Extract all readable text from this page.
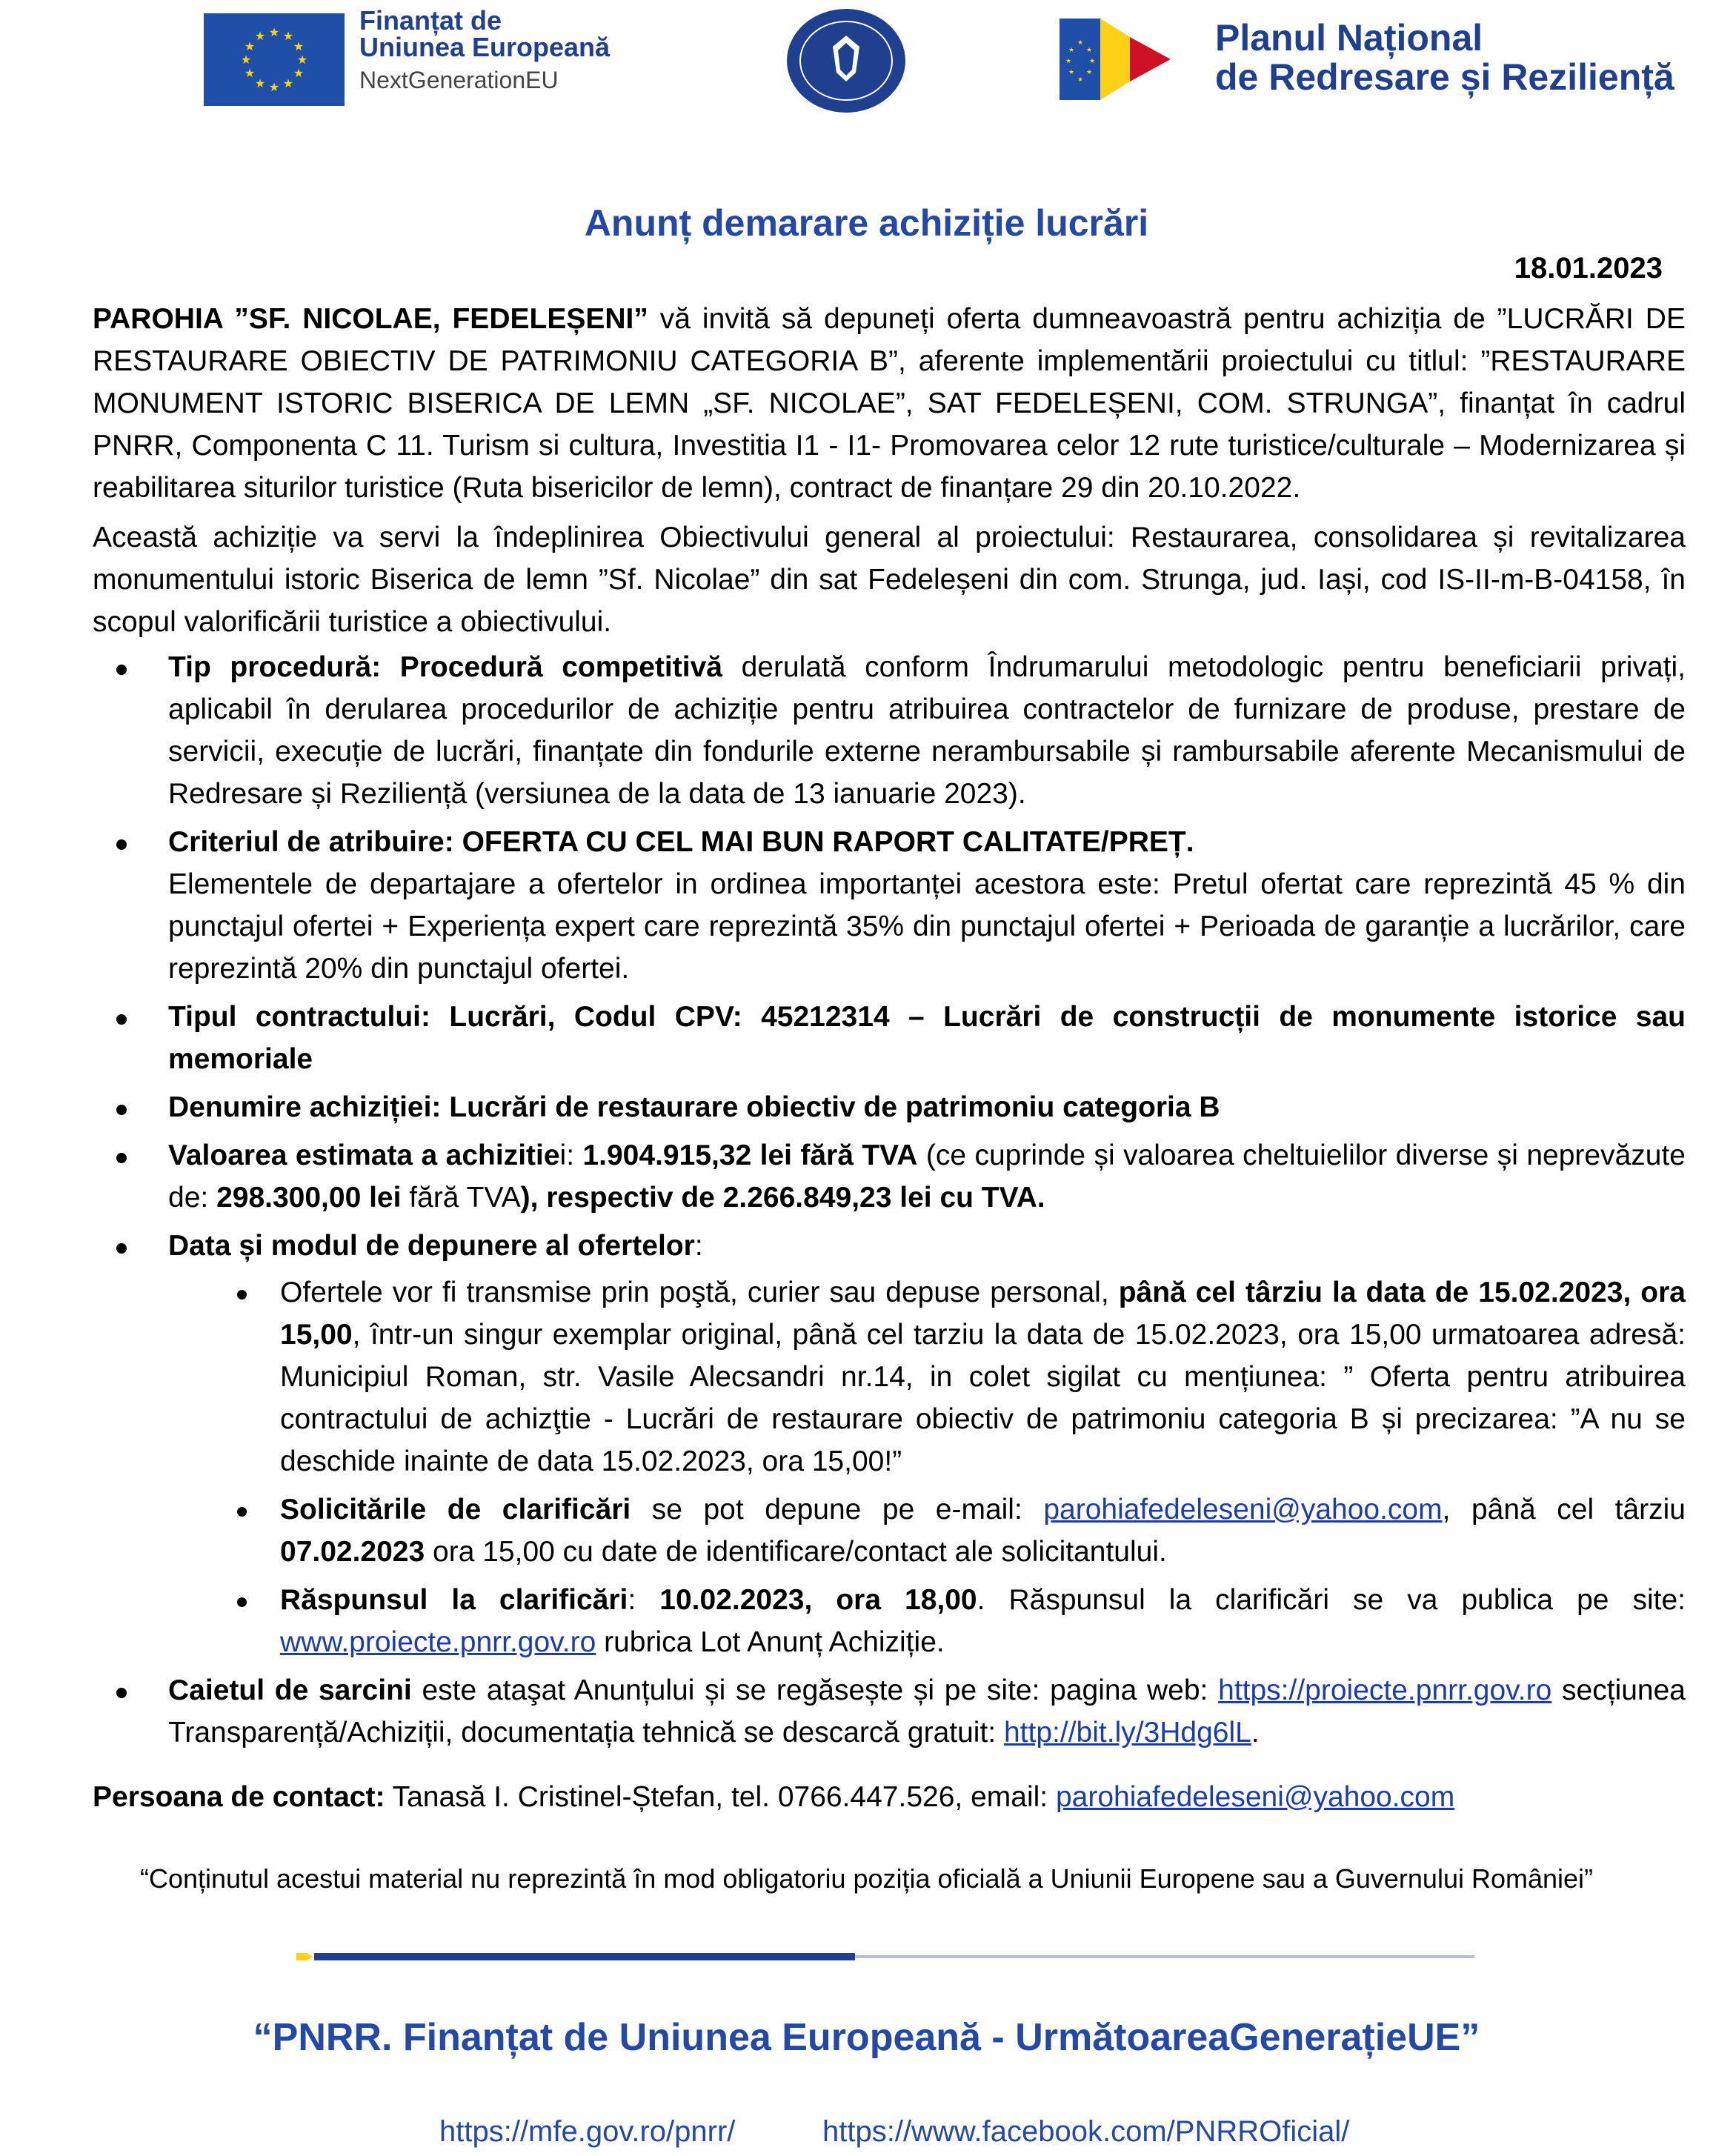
★ ★
★
★
★
★
★
★
★
★
★
★
Finanțat de
Uniunea Europeană
NextGenerationEU
★
★
★
★
★
★
★
★	Planul Național
de Redresare și Reziliență
Anunț demarare achiziție lucrări
18.01.2023

PAROHIA ”SF. NICOLAE, FEDELEȘENI” vă invită să depuneți oferta dumneavoastră pentru achiziția de ”LUCRĂRI DE RESTAURARE OBIECTIV DE PATRIMONIU CATEGORIA B”, aferente implementării proiectului cu titlul: ”RESTAURARE MONUMENT ISTORIC BISERICA DE LEMN „SF. NICOLAE”, SAT FEDELEȘENI, COM. STRUNGA”, finanțat în cadrul PNRR, Componenta C 11. Turism si cultura, Investitia I1 - I1- Promovarea celor 12 rute turistice/culturale – Modernizarea și reabilitarea siturilor turistice (Ruta bisericilor de lemn), contract de finanțare 29 din 20.10.2022.

Această achiziție va servi la îndeplinirea Obiectivului general al proiectului: Restaurarea, consolidarea și revitalizarea monumentului istoric Biserica de lemn ”Sf. Nicolae” din sat Fedeleșeni din com. Strunga, jud. Iași, cod IS-II-m-B-04158, în scopul valorificării turistice a obiectivului.

Tip procedură: Procedură competitivă derulată conform Îndrumarului metodologic pentru beneficiarii privați, aplicabil în derularea procedurilor de achiziție pentru atribuirea contractelor de furnizare de produse, prestare de servicii, execuție de lucrări, finanțate din fondurile externe nerambursabile și rambursabile aferente Mecanismului de Redresare și Reziliență (versiunea de la data de 13 ianuarie 2023).
Criteriul de atribuire: OFERTA CU CEL MAI BUN RAPORT CALITATE/PREȚ.
Elementele de departajare a ofertelor in ordinea importanței acestora este: Pretul ofertat care reprezintă 45 % din punctajul ofertei + Experiența expert care reprezintă 35% din punctajul ofertei + Perioada de garanție a lucrărilor, care reprezintă 20% din punctajul ofertei.
Tipul contractului: Lucrări, Codul CPV: 45212314 – Lucrări de construcții de monumente istorice sau memoriale
Denumire achiziției: Lucrări de restaurare obiectiv de patrimoniu categoria B
Valoarea estimata a achizitiei: 1.904.915,32 lei fără TVA (ce cuprinde și valoarea cheltuielilor diverse și neprevăzute de: 298.300,00 lei fără TVA), respectiv de 2.266.849,23 lei cu TVA.
Data și modul de depunere al ofertelor:
Ofertele vor fi transmise prin poştă, curier sau depuse personal, până cel târziu la data de 15.02.2023, ora 15,00, într-un singur exemplar original, până cel tarziu la data de 15.02.2023, ora 15,00 urmatoarea adresă: Municipiul Roman, str. Vasile Alecsandri nr.14, in colet sigilat cu mențiunea: ” Oferta pentru atribuirea contractului de achizţtie - Lucrări de restaurare obiectiv de patrimoniu categoria B și precizarea: ”A nu se deschide inainte de data 15.02.2023, ora 15,00!”
Solicitările de clarificări se pot depune pe e-mail: parohiafedeleseni@yahoo.com, până cel târziu 07.02.2023 ora 15,00 cu date de identificare/contact ale solicitantului.
Răspunsul la clarificări: 10.02.2023, ora 18,00. Răspunsul la clarificări se va publica pe site: www.proiecte.pnrr.gov.ro rubrica Lot Anunț Achiziție.
Caietul de sarcini este ataşat Anunțului și se regăsește și pe site: pagina web: https://proiecte.pnrr.gov.ro secțiunea Transparență/Achiziții, documentația tehnică se descarcă gratuit: http://bit.ly/3Hdg6lL.

Persoana de contact: Tanasă I. Cristinel-Ștefan, tel. 0766.447.526, email: parohiafedeleseni@yahoo.com

“Conținutul acestui material nu reprezintă în mod obligatoriu poziția oficială a Uniunii Europene sau a Guvernului României”
“PNRR. Finanțat de Uniunea Europeană - UrmătoareaGenerațieUE”
https://mfe.gov.ro/pnrr/	https://www.facebook.com/PNRROficial/
